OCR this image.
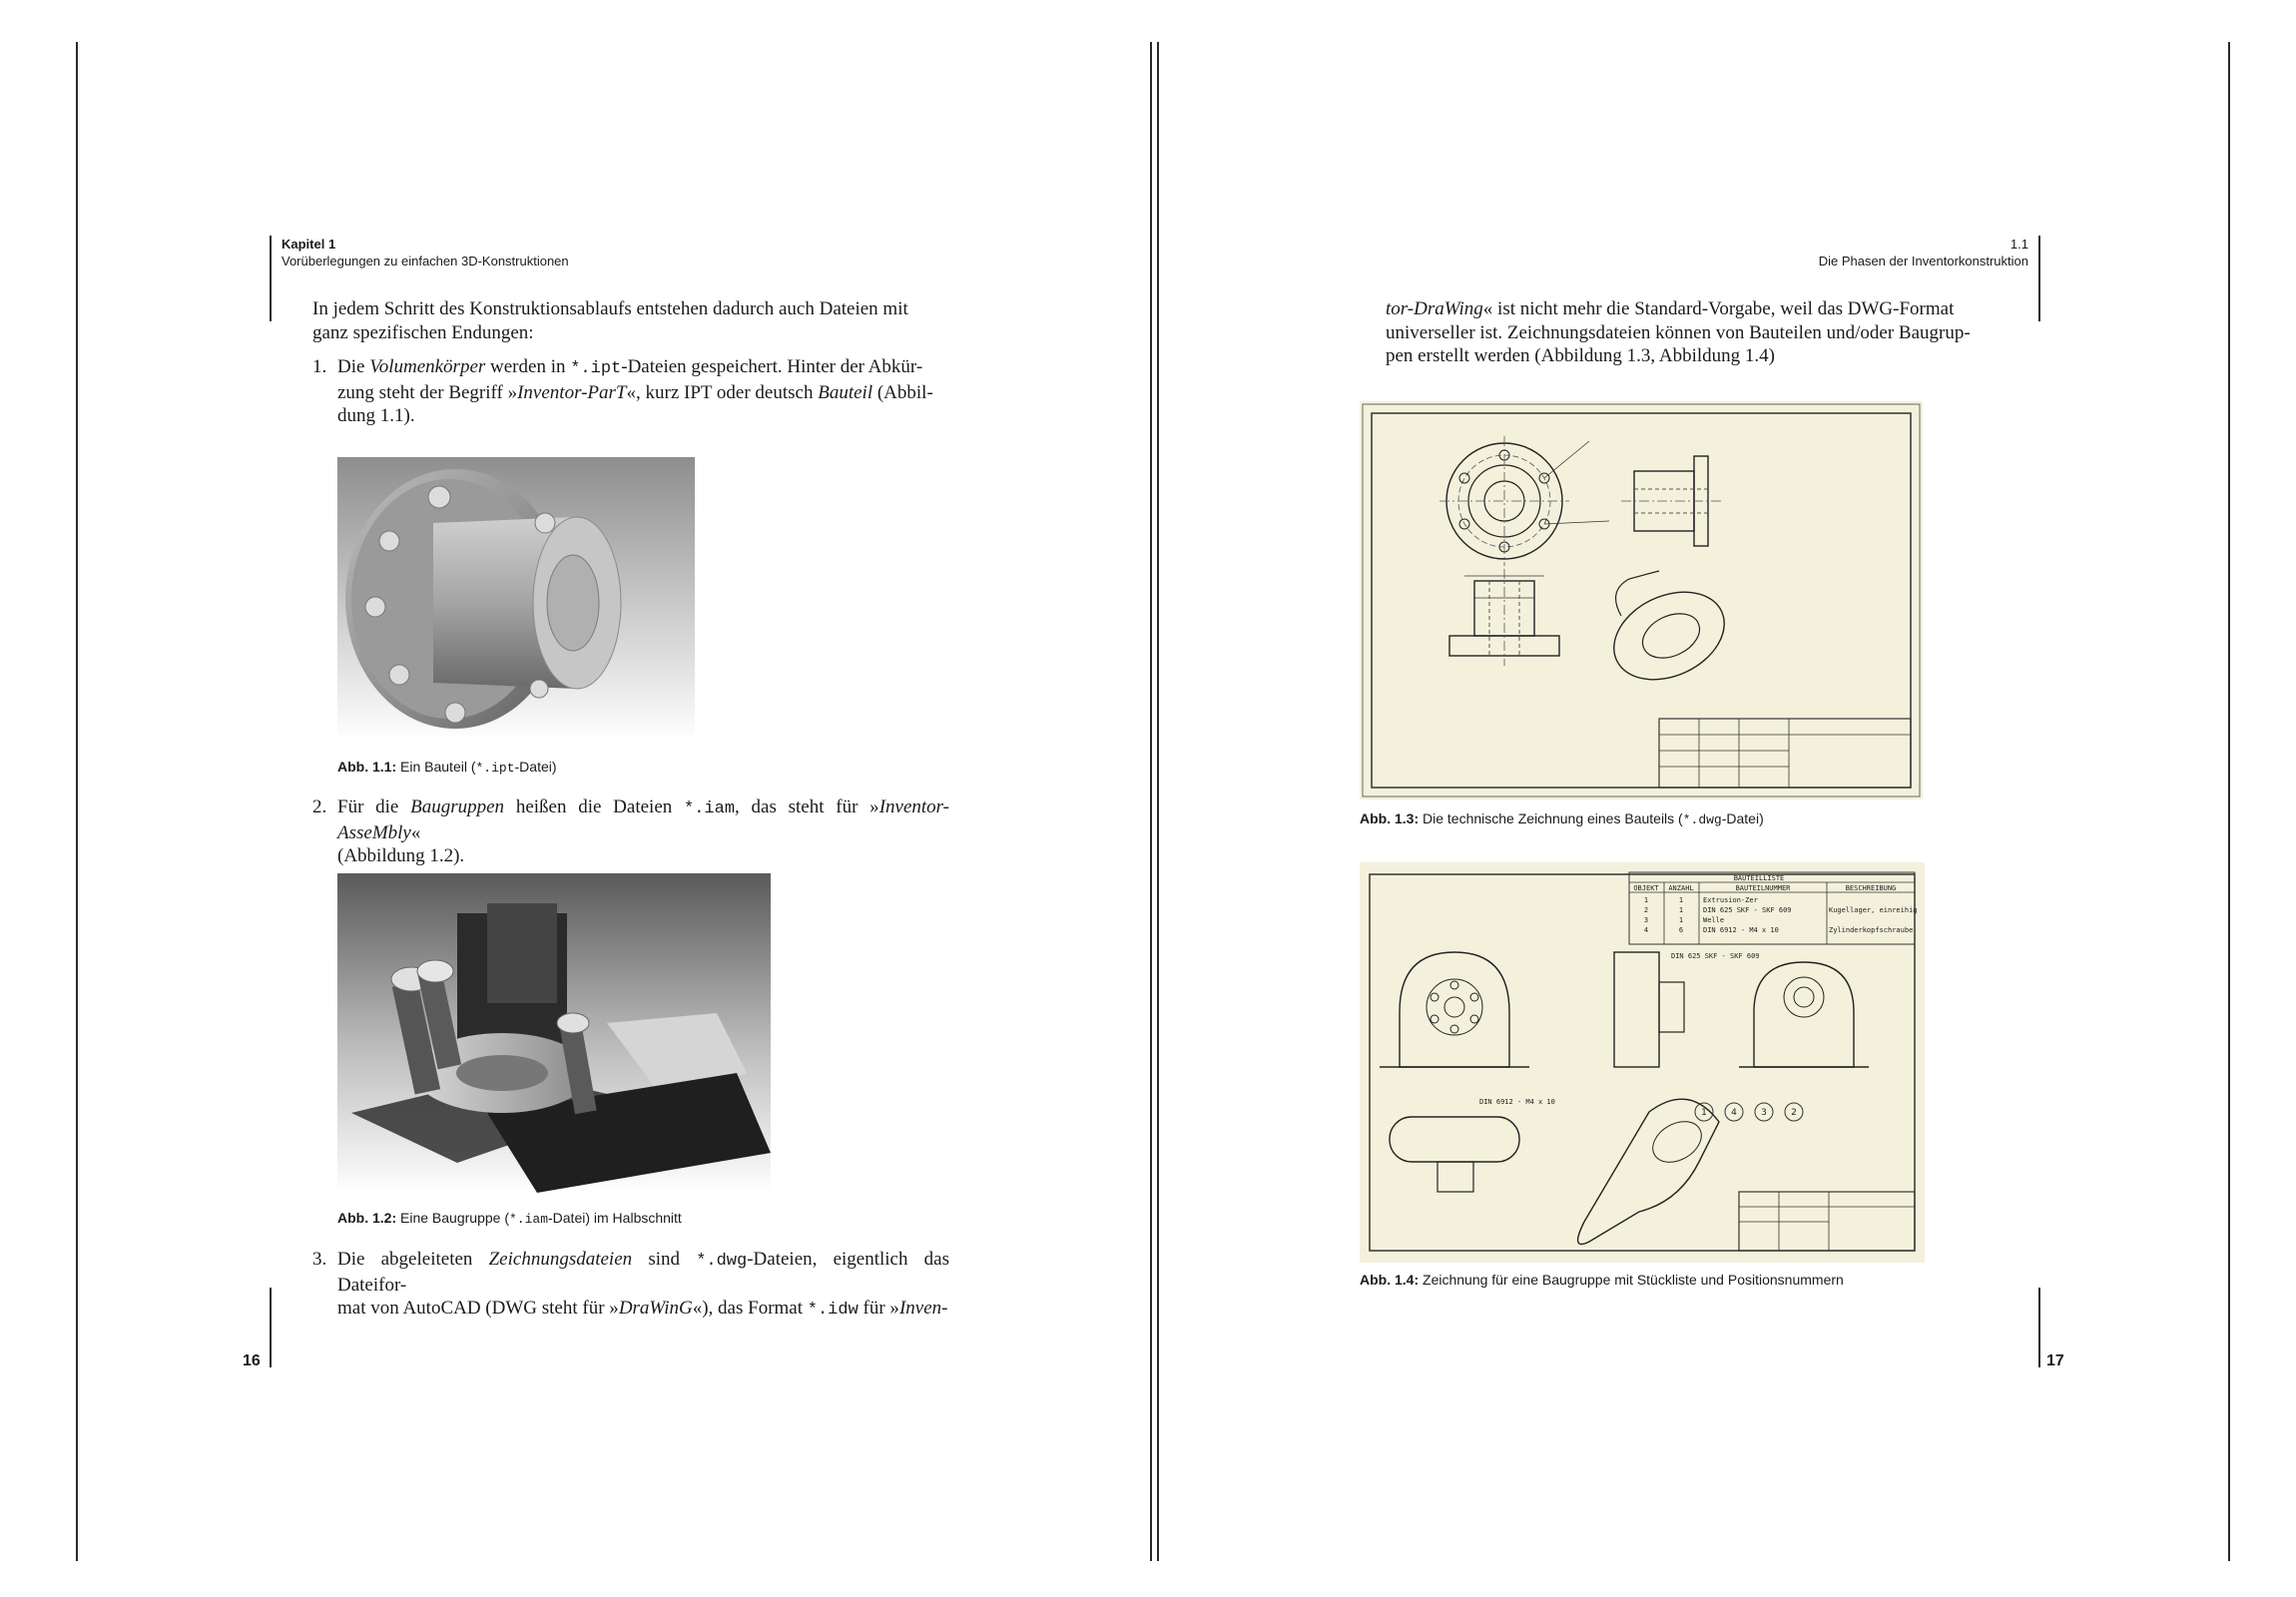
Kapitel 1
Vorüberlegungen zu einfachen 3D-Konstruktionen
In jedem Schritt des Konstruktionsablaufs entstehen dadurch auch Dateien mit
ganz spezifischen Endungen:
1. Die Volumenkörper werden in *.ipt-Dateien gespeichert. Hinter der Abkür-
zung steht der Begriff »Inventor-ParT«, kurz IPT oder deutsch Bauteil (Abbil-
dung 1.1).
Abb. 1.1: Ein Bauteil (*.ipt-Datei)
2. Für die Baugruppen heißen die Dateien *.iam, das steht für »Inventor-AsseMbly«
(Abbildung 1.2).
Abb. 1.2: Eine Baugruppe (*.iam-Datei) im Halbschnitt
3. Die abgeleiteten Zeichnungsdateien sind *.dwg-Dateien, eigentlich das Dateifor-
mat von AutoCAD (DWG steht für »DraWinG«), das Format *.idw für »Inven-
16
1.1
Die Phasen der Inventorkonstruktion
tor-DraWing« ist nicht mehr die Standard-Vorgabe, weil das DWG-Format
universeller ist. Zeichnungsdateien können von Bauteilen und/oder Baugrup-
pen erstellt werden (Abbildung 1.3, Abbildung 1.4)
Abb. 1.3: Die technische Zeichnung eines Bauteils (*.dwg-Datei)
BAUTEILLISTE
OBJEKT ANZAHL	BAUTEILNUMMER	BESCHREIBUNG
1	1	Extrusion-Zer
2	1	DIN 625 SKF - SKF 609	Kugellager, einreihig
3	1	Welle
4	6	DIN 6912 - M4 x 10	Zylinderkopfschraube
DIN 625 SKF - SKF 609
DIN 6912 - M4 x 10
1	4	3	2
Abb. 1.4: Zeichnung für eine Baugruppe mit Stückliste und Positionsnummern
17
